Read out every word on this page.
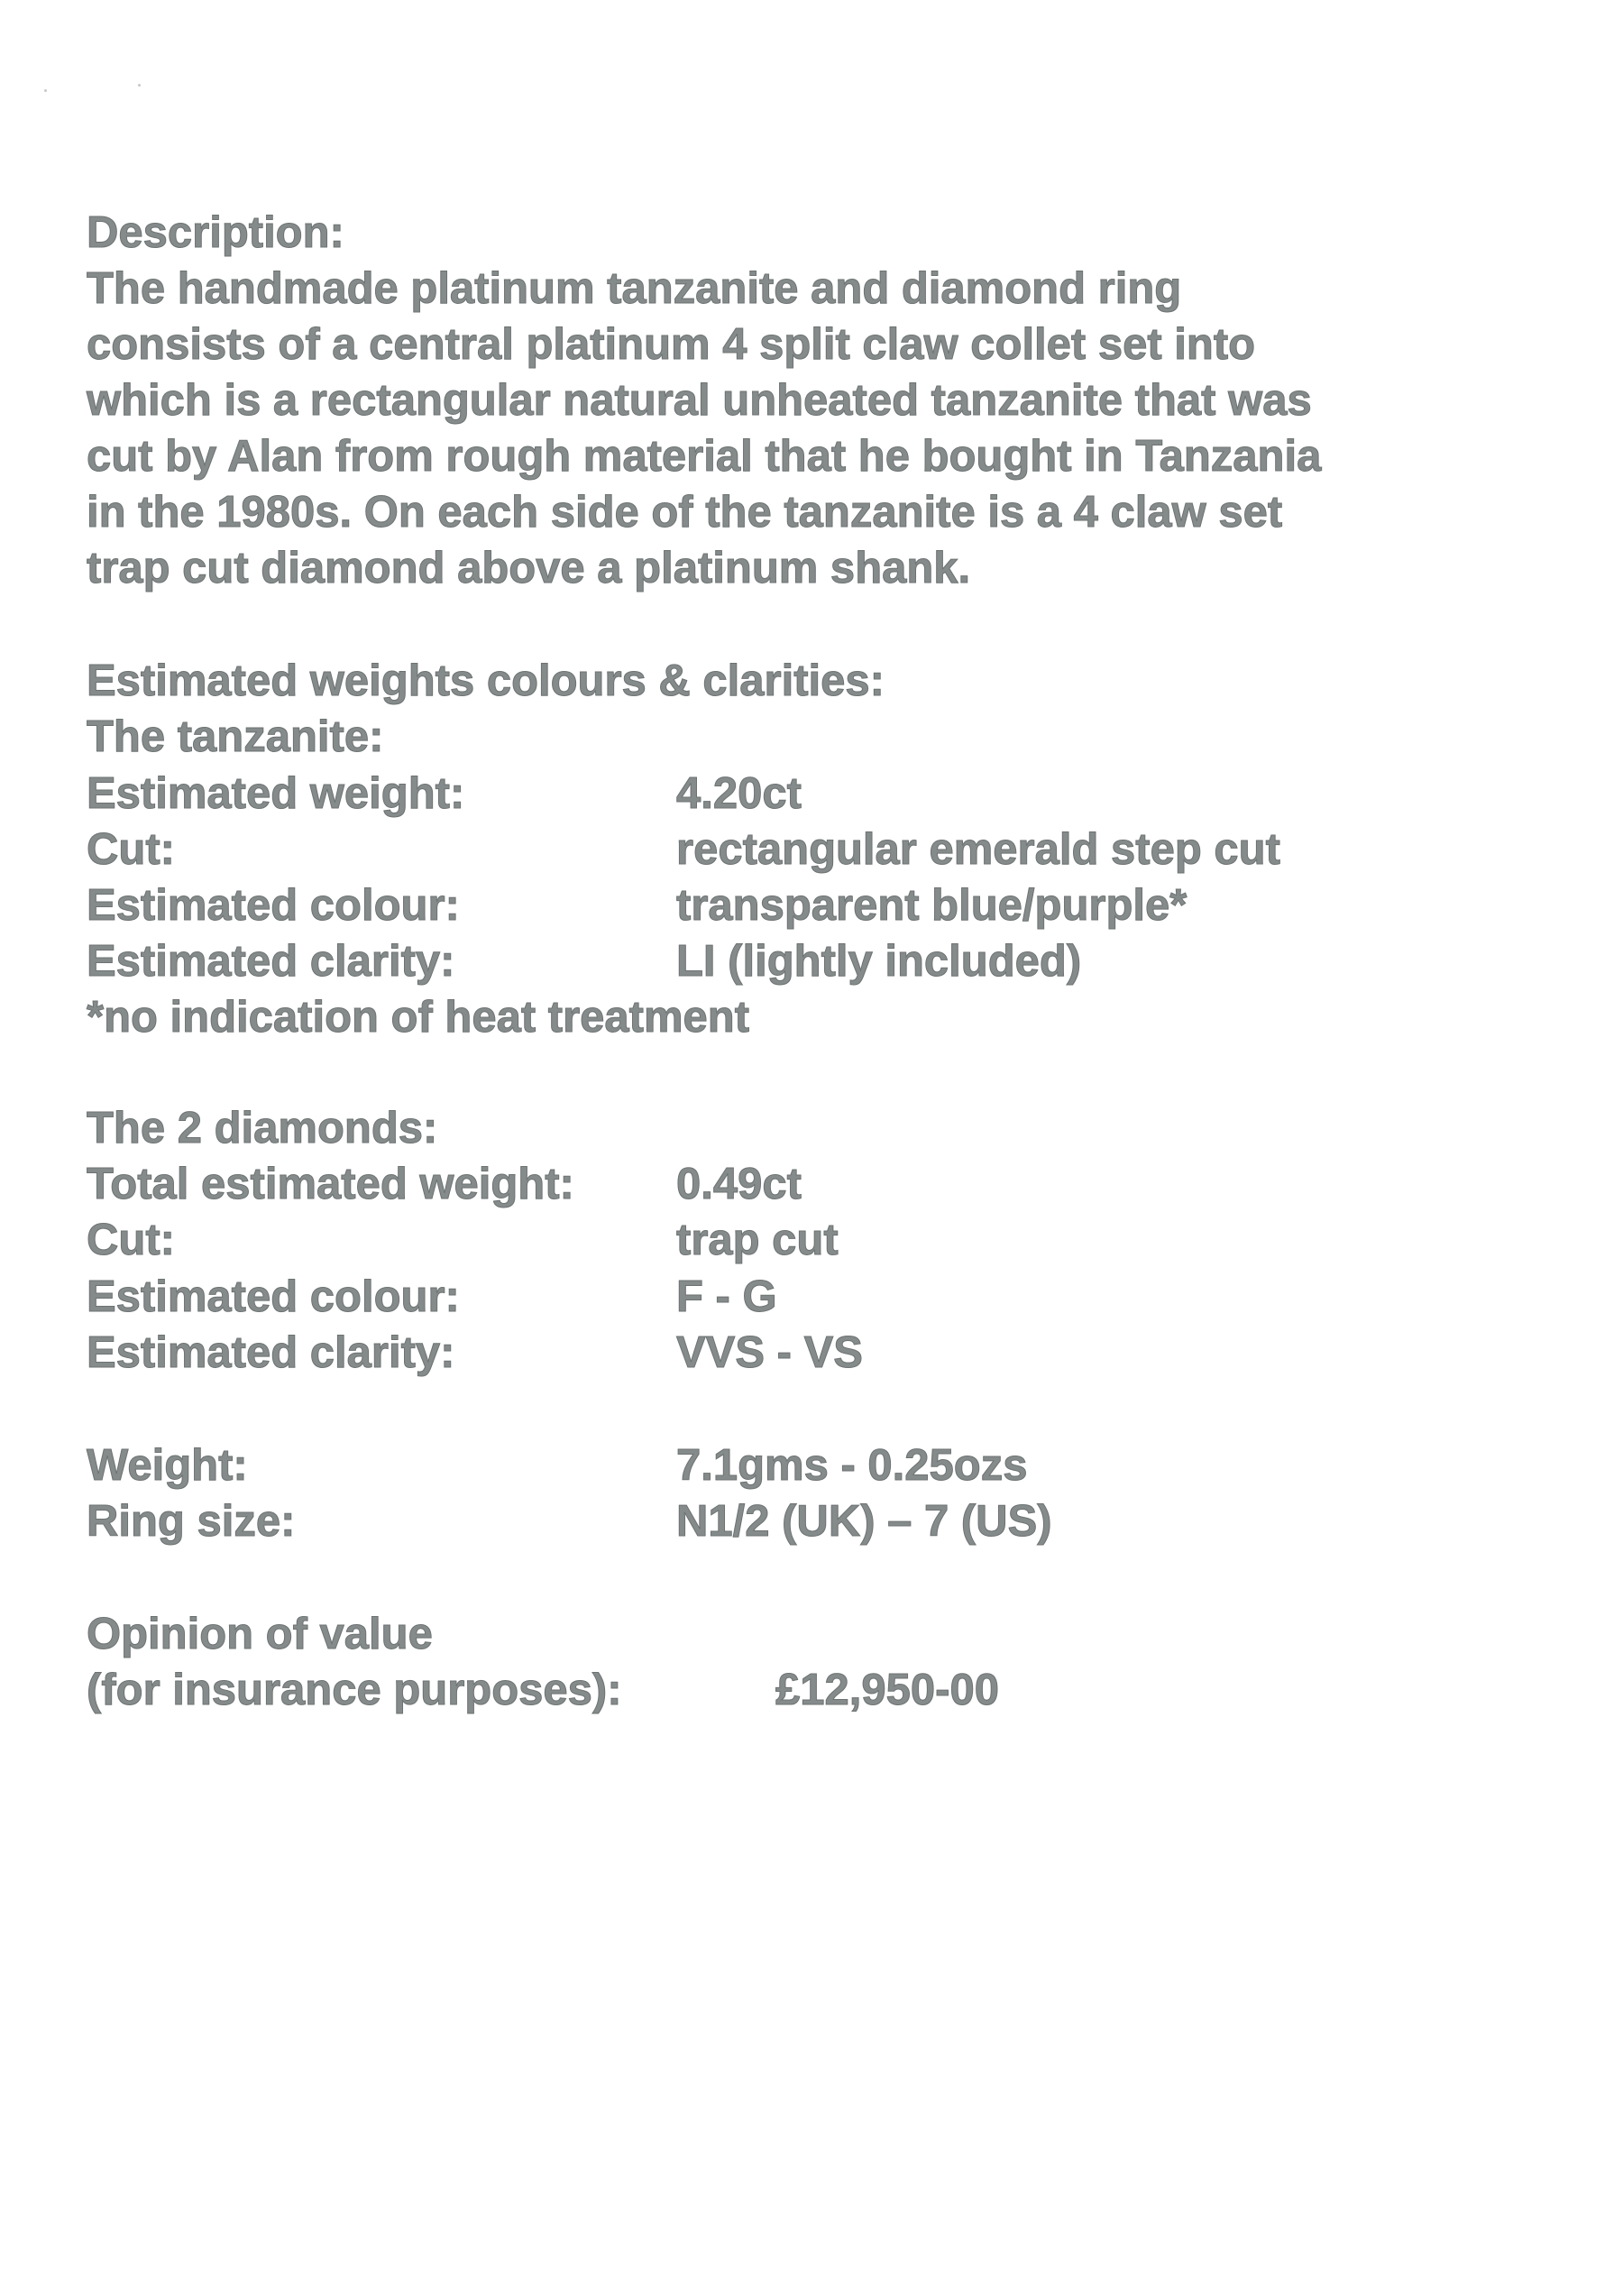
Description:
The handmade platinum tanzanite and diamond ring
consists of a central platinum 4 split claw collet set into
which is a rectangular natural unheated tanzanite that was
cut by Alan from rough material that he bought in Tanzania
in the 1980s. On each side of the tanzanite is a 4 claw set
trap cut diamond above a platinum shank.
Estimated weights colours & clarities:
The tanzanite:
Estimated weight:	4.20ct
Cut:	rectangular emerald step cut
Estimated colour:	transparent blue/purple*
Estimated clarity:	LI (lightly included)
*no indication of heat treatment
The 2 diamonds:
Total estimated weight: 0.49ct
Cut:	trap cut
Estimated colour:	F - G
Estimated clarity:	VVS - VS
Weight:	7.1gms - 0.25ozs
Ring size:	N1/2 (UK) – 7 (US)
Opinion of value
(for insurance purposes):	£12,950-00
